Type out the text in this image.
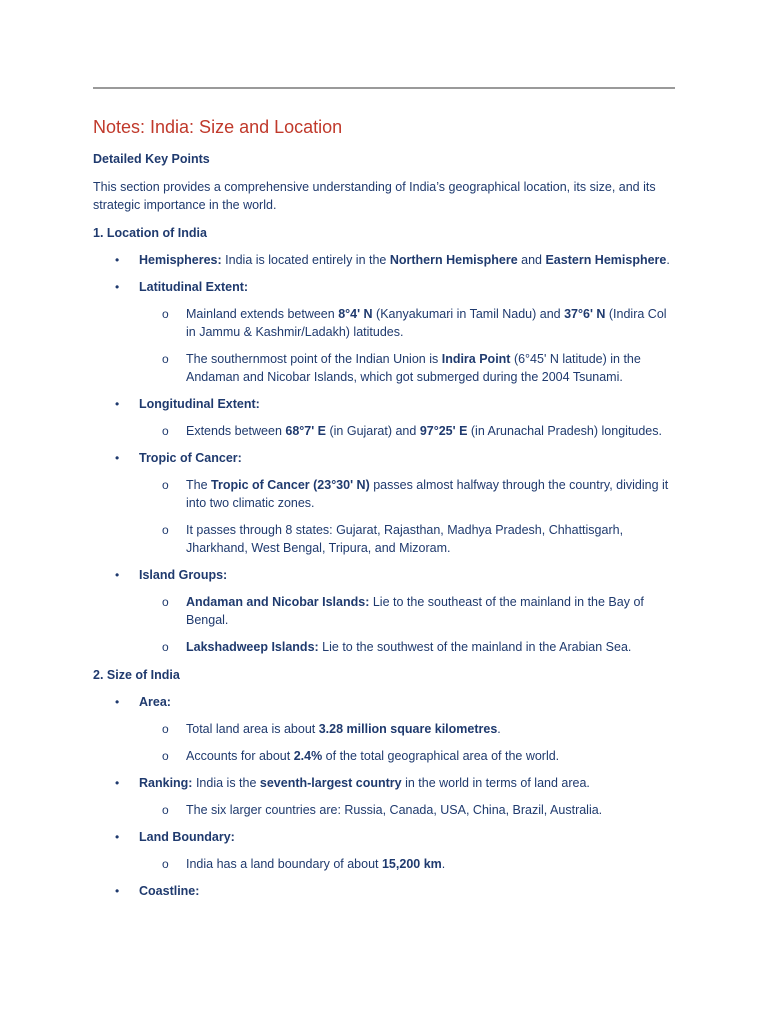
Notes: India: Size and Location
Detailed Key Points
This section provides a comprehensive understanding of India’s geographical location, its size, and its strategic importance in the world.
1. Location of India
• Hemispheres: India is located entirely in the Northern Hemisphere and Eastern Hemisphere.
• Latitudinal Extent:
o Mainland extends between 8°4' N (Kanyakumari in Tamil Nadu) and 37°6' N (Indira Col in Jammu & Kashmir/Ladakh) latitudes.
o The southernmost point of the Indian Union is Indira Point (6°45' N latitude) in the Andaman and Nicobar Islands, which got submerged during the 2004 Tsunami.
• Longitudinal Extent:
o Extends between 68°7' E (in Gujarat) and 97°25' E (in Arunachal Pradesh) longitudes.
• Tropic of Cancer:
o The Tropic of Cancer (23°30' N) passes almost halfway through the country, dividing it into two climatic zones.
o It passes through 8 states: Gujarat, Rajasthan, Madhya Pradesh, Chhattisgarh, Jharkhand, West Bengal, Tripura, and Mizoram.
• Island Groups:
o Andaman and Nicobar Islands: Lie to the southeast of the mainland in the Bay of Bengal.
o Lakshadweep Islands: Lie to the southwest of the mainland in the Arabian Sea.
2. Size of India
• Area:
o Total land area is about 3.28 million square kilometres.
o Accounts for about 2.4% of the total geographical area of the world.
• Ranking: India is the seventh-largest country in the world in terms of land area.
o The six larger countries are: Russia, Canada, USA, China, Brazil, Australia.
• Land Boundary:
o India has a land boundary of about 15,200 km.
• Coastline:
